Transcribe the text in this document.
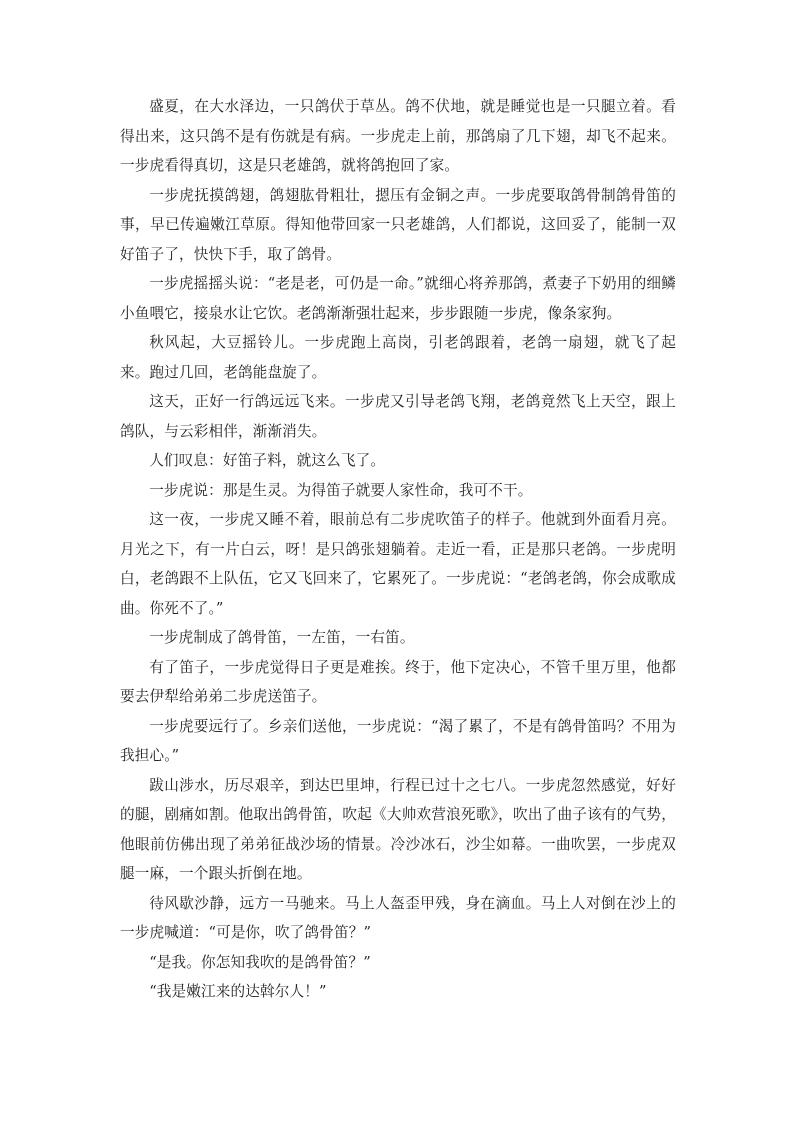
盛夏，在大水泽边，一只鸽伏于草丛。鸽不伏地，就是睡觉也是一只腿立着。看得出来，这只鸽不是有伤就是有病。一步虎走上前，那鸽扇了几下翅，却飞不起来。一步虎看得真切，这是只老雄鸽，就将鸽抱回了家。

一步虎抚摸鸽翅，鸽翅肱骨粗壮，摁压有金铜之声。一步虎要取鸽骨制鸽骨笛的事，早已传遍嫩江草原。得知他带回家一只老雄鸽，人们都说，这回妥了，能制一双好笛子了，快快下手，取了鸽骨。

一步虎摇摇头说：“老是老，可仍是一命。”就细心将养那鸽，煮妻子下奶用的细鳞小鱼喂它，接泉水让它饮。老鸽渐渐强壮起来，步步跟随一步虎，像条家狗。

秋风起，大豆摇铃儿。一步虎跑上高岗，引老鸽跟着，老鸽一扇翅，就飞了起来。跑过几回，老鸽能盘旋了。

这天，正好一行鸽远远飞来。一步虎又引导老鸽飞翔，老鸽竟然飞上天空，跟上鸽队，与云彩相伴，渐渐消失。

人们叹息：好笛子料，就这么飞了。

一步虎说：那是生灵。为得笛子就要人家性命，我可不干。

这一夜，一步虎又睡不着，眼前总有二步虎吹笛子的样子。他就到外面看月亮。月光之下，有一片白云，呀！是只鸽张翅躺着。走近一看，正是那只老鸽。一步虎明白，老鸽跟不上队伍，它又飞回来了，它累死了。一步虎说：“老鸽老鸽，你会成歌成曲。你死不了。”

一步虎制成了鸽骨笛，一左笛，一右笛。

有了笛子，一步虎觉得日子更是难挨。终于，他下定决心，不管千里万里，他都要去伊犁给弟弟二步虎送笛子。

一步虎要远行了。乡亲们送他，一步虎说：“渴了累了，不是有鸽骨笛吗？不用为我担心。”

跋山涉水，历尽艰辛，到达巴里坤，行程已过十之七八。一步虎忽然感觉，好好的腿，剧痛如割。他取出鸽骨笛，吹起《大帅欢营浪死歌》，吹出了曲子该有的气势，他眼前仿佛出现了弟弟征战沙场的情景。冷沙冰石，沙尘如幕。一曲吹罢，一步虎双腿一麻，一个跟头折倒在地。

待风歇沙静，远方一马驰来。马上人盔歪甲残，身在滴血。马上人对倒在沙上的一步虎喊道：“可是你，吹了鸽骨笛？”

“是我。你怎知我吹的是鸽骨笛？”

“我是嫩江来的达斡尔人！”
